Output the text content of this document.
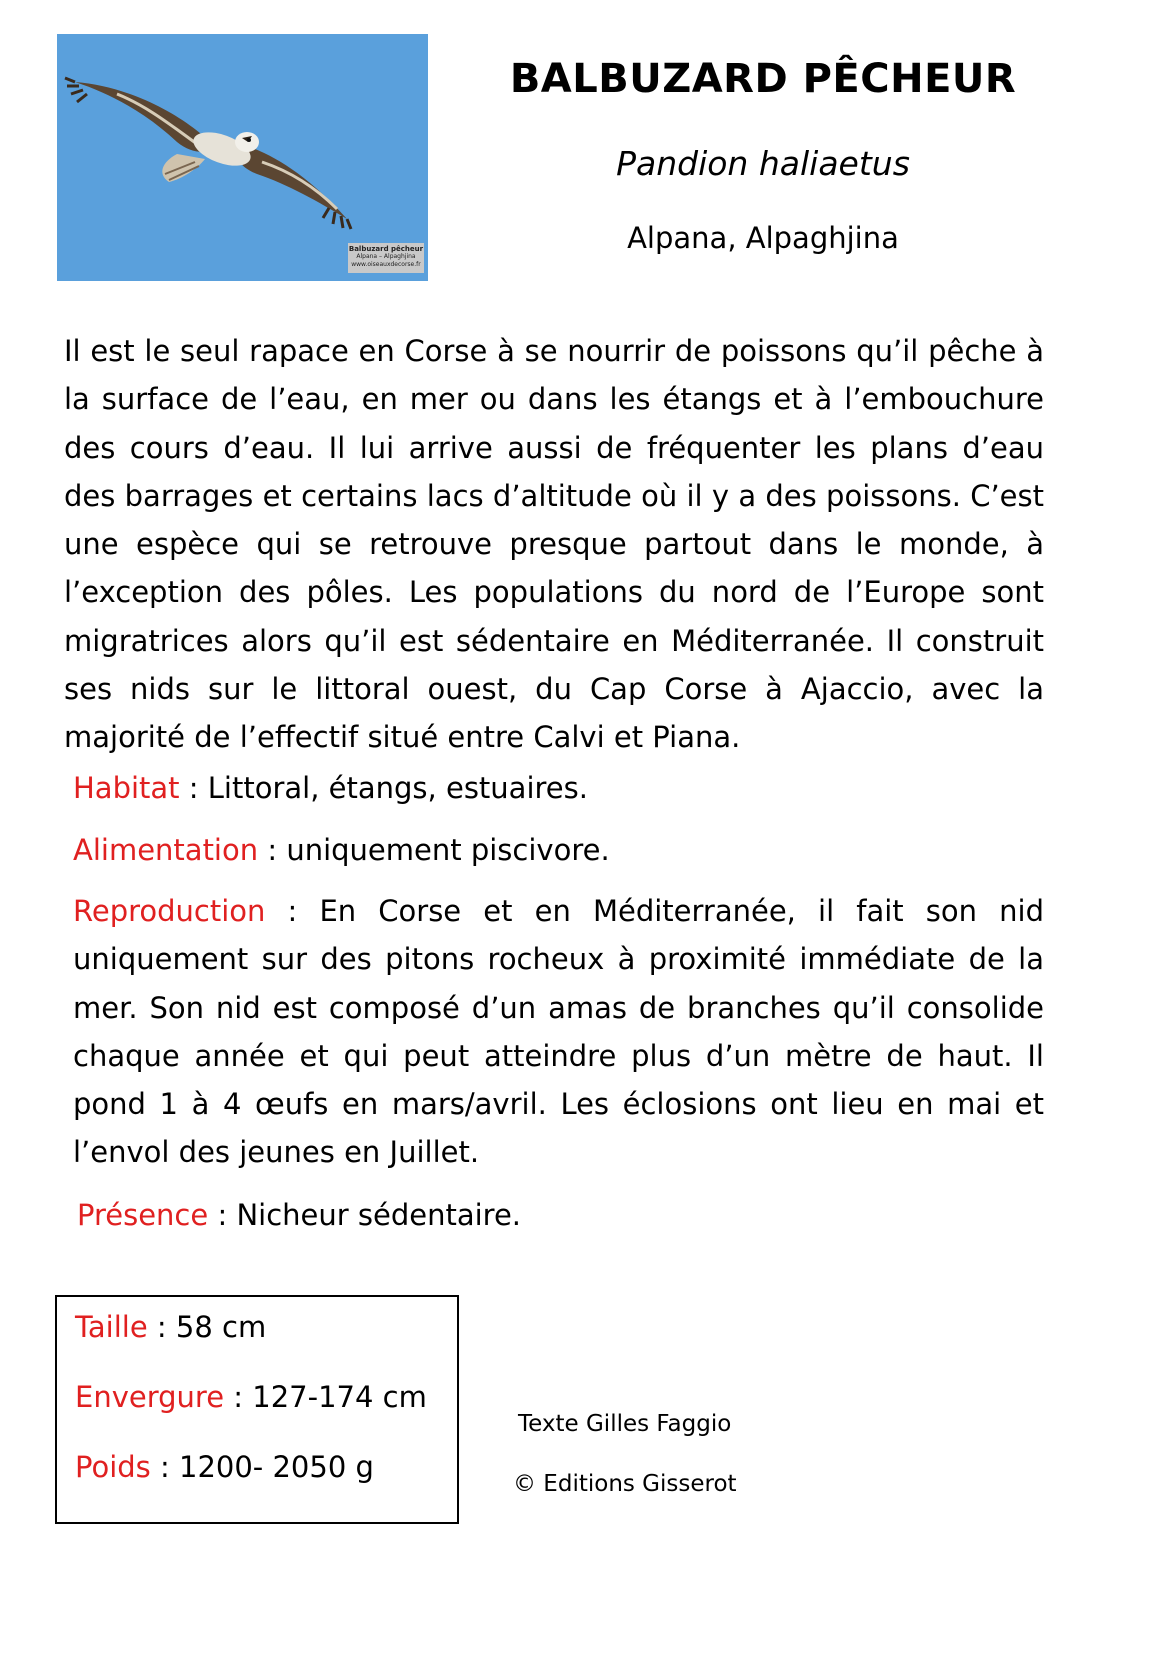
Balbuzard pêcheur
Alpana – Alpaghjina
www.oiseauxdecorse.fr
BALBUZARD PÊCHEUR
Pandion haliaetus
Alpana, Alpaghjina

Il est le seul rapace en Corse à se nourrir de poissons qu’il pêche à la surface de l’eau, en mer ou dans les étangs et à l’embouchure des cours d’eau. Il lui arrive aussi de fréquenter les plans d’eau des barrages et certains lacs d’altitude où il y a des poissons. C’est une espèce qui se retrouve presque partout dans le monde, à l’exception des pôles. Les populations du nord de l’Europe sont migratrices alors qu’il est sédentaire en Méditerranée. Il construit ses nids sur le littoral ouest, du Cap Corse à Ajaccio, avec la majorité de l’effectif situé entre Calvi et Piana.

Habitat : Littoral, étangs, estuaires.

Alimentation : uniquement piscivore.

Reproduction : En Corse et en Méditerranée, il fait son nid uniquement sur des pitons rocheux à proximité immédiate de la mer. Son nid est composé d’un amas de branches qu’il consolide chaque année et qui peut atteindre plus d’un mètre de haut. Il pond 1 à 4 œufs en mars/avril. Les éclosions ont lieu en mai et l’envol des jeunes en Juillet.

Présence : Nicheur sédentaire.

Taille : 58 cm
Envergure : 127-174 cm
Poids : 1200- 2050 g
Texte Gilles Faggio
© Editions Gisserot
